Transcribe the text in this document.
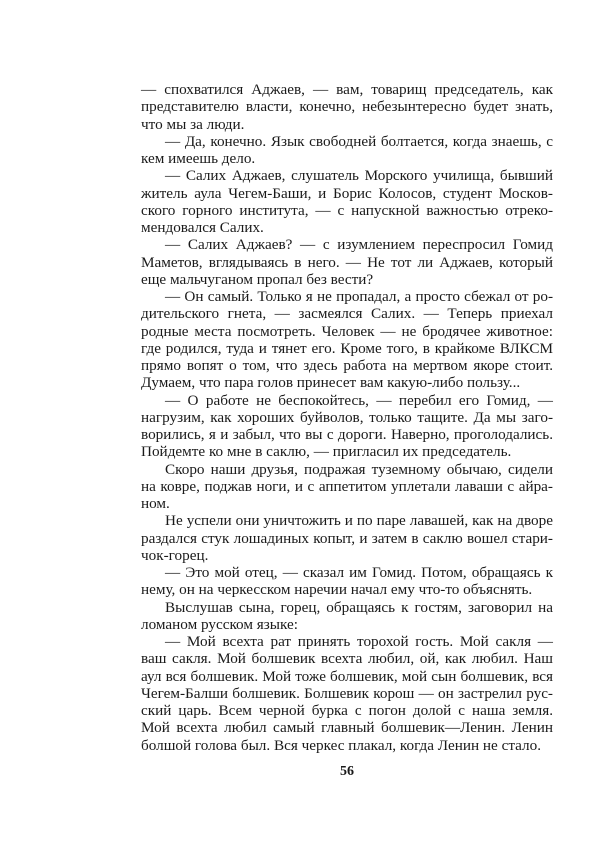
— спохватился Аджаев, — вам, товарищ председатель, как
представителю власти, конечно, небезынтересно будет знать,
что мы за люди.
— Да, конечно. Язык свободней болтается, когда знаешь, с
кем имеешь дело.
— Салих Аджаев, слушатель Морского училища, бывший
житель аула Чегем-Баши, и Борис Колосов, студент Москов-
ского горного института, — с напускной важностью отреко-
мендовался Салих.
— Салих Аджаев? — с изумлением переспросил Гомид
Маметов, вглядываясь в него. — Не тот ли Аджаев, который
еще мальчуганом пропал без вести?
— Он самый. Только я не пропадал, а просто сбежал от ро-
дительского гнета, — засмеялся Салих. — Теперь приехал
родные места посмотреть. Человек — не бродячее животное:
где родился, туда и тянет его. Кроме того, в крайкоме ВЛКСМ
прямо вопят о том, что здесь работа на мертвом якоре стоит.
Думаем, что пара голов принесет вам какую-либо пользу...
— О работе не беспокойтесь, — перебил его Гомид, —
нагрузим, как хороших буйволов, только тащите. Да мы заго-
ворились, я и забыл, что вы с дороги. Наверно, проголодались.
Пойдемте ко мне в саклю, — пригласил их председатель.
Скоро наши друзья, подражая туземному обычаю, сидели
на ковре, поджав ноги, и с аппетитом уплетали лаваши с айра-
ном.
Не успели они уничтожить и по паре лавашей, как на дворе
раздался стук лошадиных копыт, и затем в саклю вошел стари-
чок-горец.
— Это мой отец, — сказал им Гомид. Потом, обращаясь к
нему, он на черкесском наречии начал ему что-то объяснять.
Выслушав сына, горец, обращаясь к гостям, заговорил на
ломаном русском языке:
— Мой всехта рат принять торохой гость. Мой сакля —
ваш сакля. Мой болшевик всехта любил, ой, как любил. Наш
аул вся болшевик. Мой тоже болшевик, мой сын болшевик, вся
Чегем-Балши болшевик. Болшевик корош — он застрелил рус-
ский царь. Всем черной бурка с погон долой с наша земля.
Мой всехта любил самый главный болшевик—Ленин. Ленин
болшой голова был. Вся черкес плакал, когда Ленин не стало.
56
